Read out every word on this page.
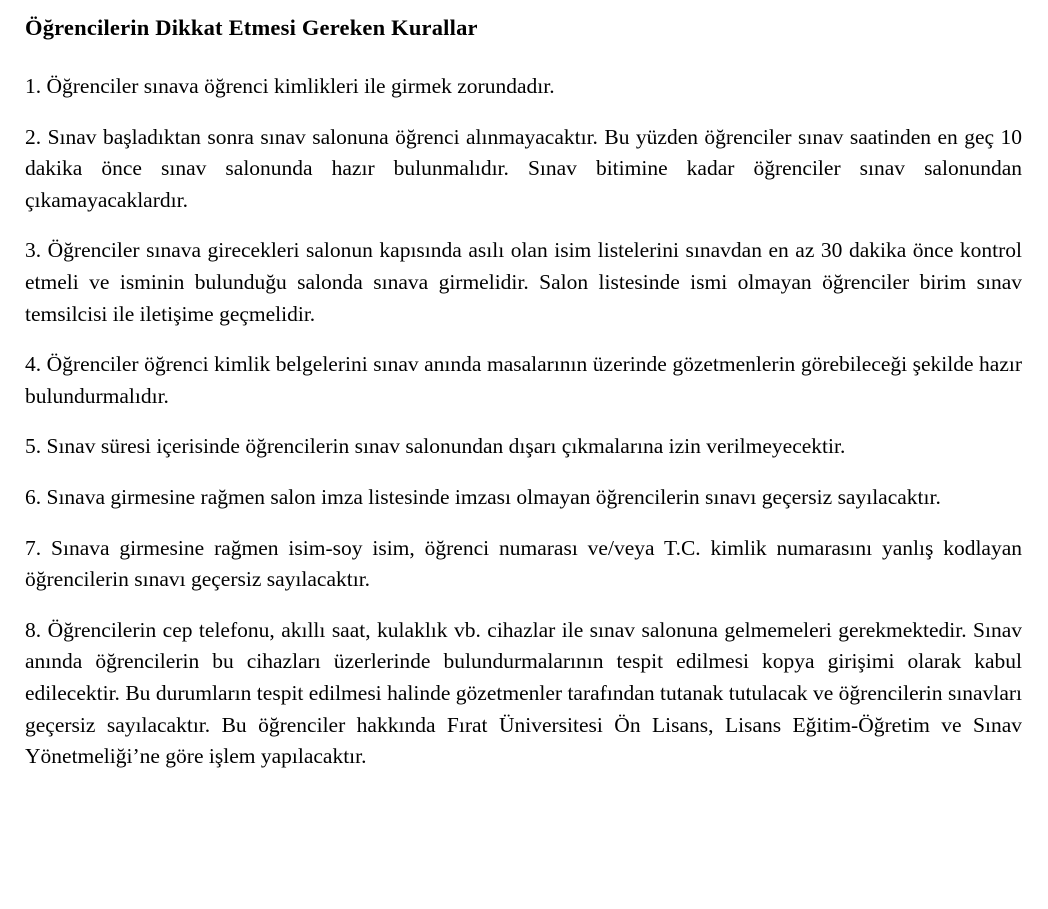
Öğrencilerin Dikkat Etmesi Gereken Kurallar

1. Öğrenciler sınava öğrenci kimlikleri ile girmek zorundadır.

2. Sınav başladıktan sonra sınav salonuna öğrenci alınmayacaktır. Bu yüzden öğrenciler sınav saatinden en geç 10 dakika önce sınav salonunda hazır bulunmalıdır. Sınav bitimine kadar öğrenciler sınav salonundan çıkamayacaklardır.

3. Öğrenciler sınava girecekleri salonun kapısında asılı olan isim listelerini sınavdan en az 30 dakika önce kontrol etmeli ve isminin bulunduğu salonda sınava girmelidir. Salon listesinde ismi olmayan öğrenciler birim sınav temsilcisi ile iletişime geçmelidir.

4. Öğrenciler öğrenci kimlik belgelerini sınav anında masalarının üzerinde gözetmenlerin görebileceği şekilde hazır bulundurmalıdır.

5. Sınav süresi içerisinde öğrencilerin sınav salonundan dışarı çıkmalarına izin verilmeyecektir.

6. Sınava girmesine rağmen salon imza listesinde imzası olmayan öğrencilerin sınavı geçersiz sayılacaktır.

7. Sınava girmesine rağmen isim-soy isim, öğrenci numarası ve/veya T.C. kimlik numarasını yanlış kodlayan öğrencilerin sınavı geçersiz sayılacaktır.

8. Öğrencilerin cep telefonu, akıllı saat, kulaklık vb. cihazlar ile sınav salonuna gelmemeleri gerekmektedir. Sınav anında öğrencilerin bu cihazları üzerlerinde bulundurmalarının tespit edilmesi kopya girişimi olarak kabul edilecektir. Bu durumların tespit edilmesi halinde gözetmenler tarafından tutanak tutulacak ve öğrencilerin sınavları geçersiz sayılacaktır. Bu öğrenciler hakkında Fırat Üniversitesi Ön Lisans, Lisans Eğitim-Öğretim ve Sınav Yönetmeliği’ne göre işlem yapılacaktır.
